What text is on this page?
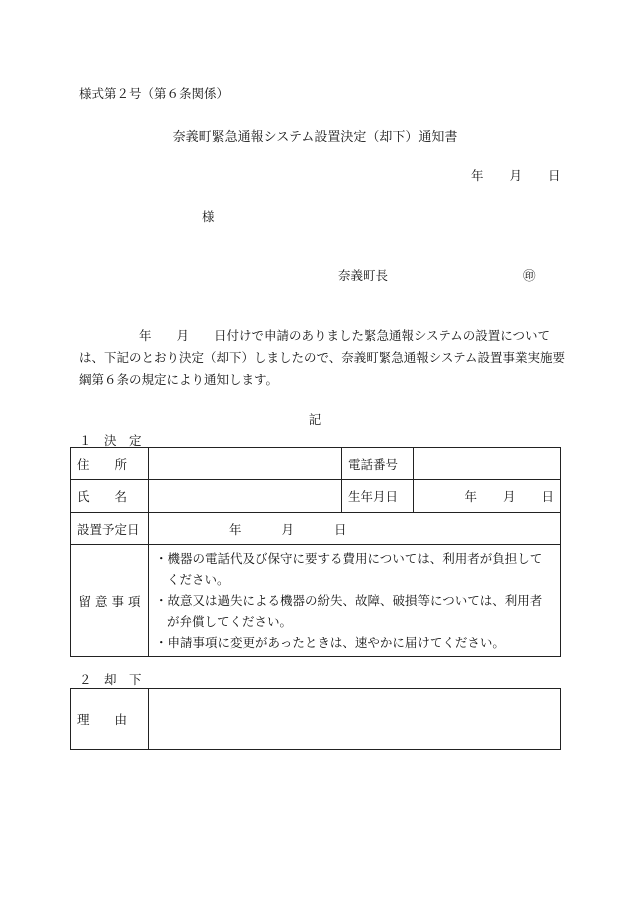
様式第２号（第６条関係）
奈義町緊急通報システム設置決定（却下）通知書
年 月 日
様
奈義町長	㊞

年　　月　　日付けで申請のありました緊急通報システムの設置については、下記のとおり決定（却下）しましたので、奈義町緊急通報システム設置事業実施要綱第６条の規定により通知します。

記
１　決　定
住　　所		電話番号	
氏　　名		生年月日	年 月 日
設置予定日	年 月 日		
留 意 事 項	・機器の電話代及び保守に要する費用については、利用者が負担してください。
・故意又は過失による機器の紛失、故障、破損等については、利用者が弁償してください。
・申請事項に変更があったときは、速やかに届けてください。		
２　却　下
理　　由	
